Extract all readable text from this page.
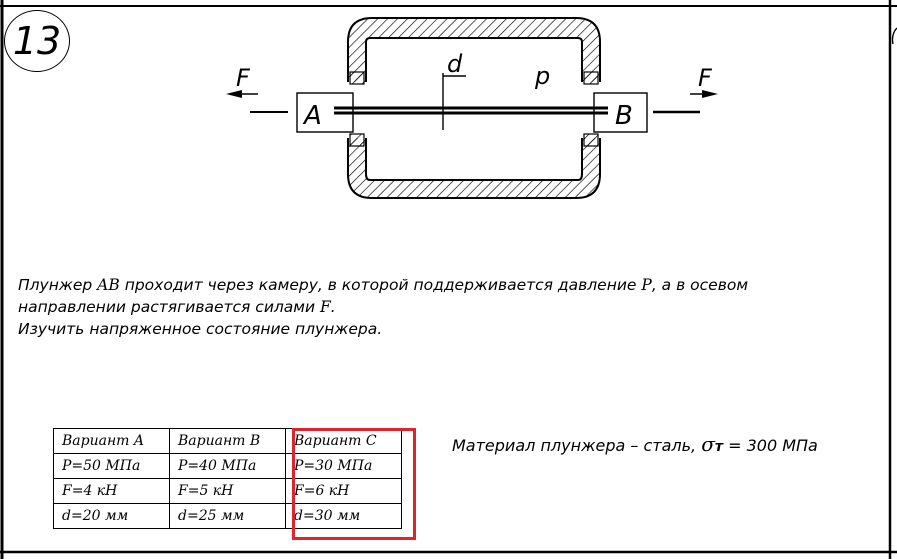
13
F	F
A	B
d	p
Плунжер AB проходит через камеру, в которой поддерживается давление P, а в осевом
направлении растягивается силами F.
Изучить напряженное состояние плунжера.
Вариант A	Вариант B	Вариант C
P=50 МПа	P=40 МПа	P=30 МПа
F=4 кН	F=5 кН	F=6 кН
d=20 мм	d=25 мм	d=30 мм
Материал плунжера – сталь, σт = 300 МПа
